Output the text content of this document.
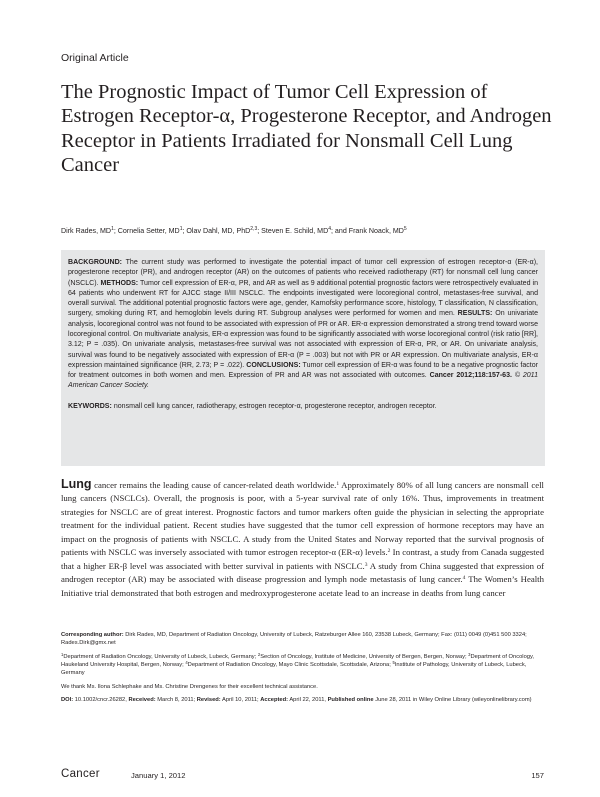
Original Article
The Prognostic Impact of Tumor Cell Expression of Estrogen Receptor-α, Progesterone Receptor, and Androgen Receptor in Patients Irradiated for Nonsmall Cell Lung Cancer
Dirk Rades, $MD^1$; Cornelia Setter, $MD^1$; Olav Dahl, MD, PhD$^{2,3}$; Steven E. Schild, $MD^4$; and Frank Noack, $MD^5$

BACKGROUND: The current study was performed to investigate the potential impact of tumor cell expression of estrogen receptor-α (ER-α), progesterone receptor (PR), and androgen receptor (AR) on the outcomes of patients who received radiotherapy (RT) for nonsmall cell lung cancer (NSCLC). METHODS: Tumor cell expression of ER-α, PR, and AR as well as 9 additional potential prognostic factors were retrospectively evaluated in 64 patients who underwent RT for AJCC stage II/III NSCLC. The endpoints investigated were locoregional control, metastases-free survival, and overall survival. The additional potential prognostic factors were age, gender, Karnofsky performance score, histology, T classification, N classification, surgery, smoking during RT, and hemoglobin levels during RT. Subgroup analyses were performed for women and men. RESULTS: On univariate analysis, locoregional control was not found to be associated with expression of PR or AR. ER-α expression demonstrated a strong trend toward worse locoregional control. On multivariate analysis, ER-α expression was found to be significantly associated with worse locoregional control (risk ratio [RR], 3.12; P = .035). On univariate analysis, metastases-free survival was not associated with expression of ER-α, PR, or AR. On univariate analysis, survival was found to be negatively associated with expression of ER-α (P = .003) but not with PR or AR expression. On multivariate analysis, ER-α expression maintained significance (RR, 2.73; P = .022). CONCLUSIONS: Tumor cell expression of ER-α was found to be a negative prognostic factor for treatment outcomes in both women and men. Expression of PR and AR was not associated with outcomes. Cancer 2012;118:157-63. © 2011 American Cancer Society.

KEYWORDS: nonsmall cell lung cancer, radiotherapy, estrogen receptor-α, progesterone receptor, androgen receptor.

Lung cancer remains the leading cause of cancer-related death worldwide.$^1$ Approximately 80% of all lung cancers are nonsmall cell lung cancers (NSCLCs). Overall, the prognosis is poor, with a 5-year survival rate of only 16%. Thus, improvements in treatment strategies for NSCLC are of great interest. Prognostic factors and tumor markers often guide the physician in selecting the appropriate treatment for the individual patient. Recent studies have suggested that the tumor cell expression of hormone receptors may have an impact on the prognosis of patients with NSCLC. A study from the United States and Norway reported that the survival prognosis of patients with NSCLC was inversely associated with tumor estrogen receptor-α (ER-α) levels.$^2$ In contrast, a study from Canada suggested that a higher ER-β level was associated with better survival in patients with NSCLC.$^3$ A study from China suggested that expression of androgen receptor (AR) may be associated with disease progression and lymph node metastasis of lung cancer.$^4$ The Women’s Health Initiative trial demonstrated that both estrogen and medroxyprogesterone acetate lead to an increase in deaths from lung cancer

Corresponding author: Dirk Rades, MD, Department of Radiation Oncology, University of Lubeck, Ratzeburger Allee 160, 23538 Lubeck, Germany; Fax: (011) 0049 (0)451 500 3324; Rades.Dirk@gmx.net

$^1$Department of Radiation Oncology, University of Lubeck, Lubeck, Germany; $^2$Section of Oncology, Institute of Medicine, University of Bergen, Bergen, Norway; $^3$Department of Oncology, Haukeland University Hospital, Bergen, Norway; $^4$Department of Radiation Oncology, Mayo Clinic Scottsdale, Scottsdale, Arizona; $^5$Institute of Pathology, University of Lubeck, Lubeck, Germany

We thank Ms. Ilona Schlephake and Ms. Christine Drengenes for their excellent technical assistance.

DOI: 10.1002/cncr.26282, Received: March 8, 2011; Revised: April 10, 2011; Accepted: April 22, 2011, Published online June 28, 2011 in Wiley Online Library (wileyonlinelibrary.com)

Cancer	January 1, 2012	157
